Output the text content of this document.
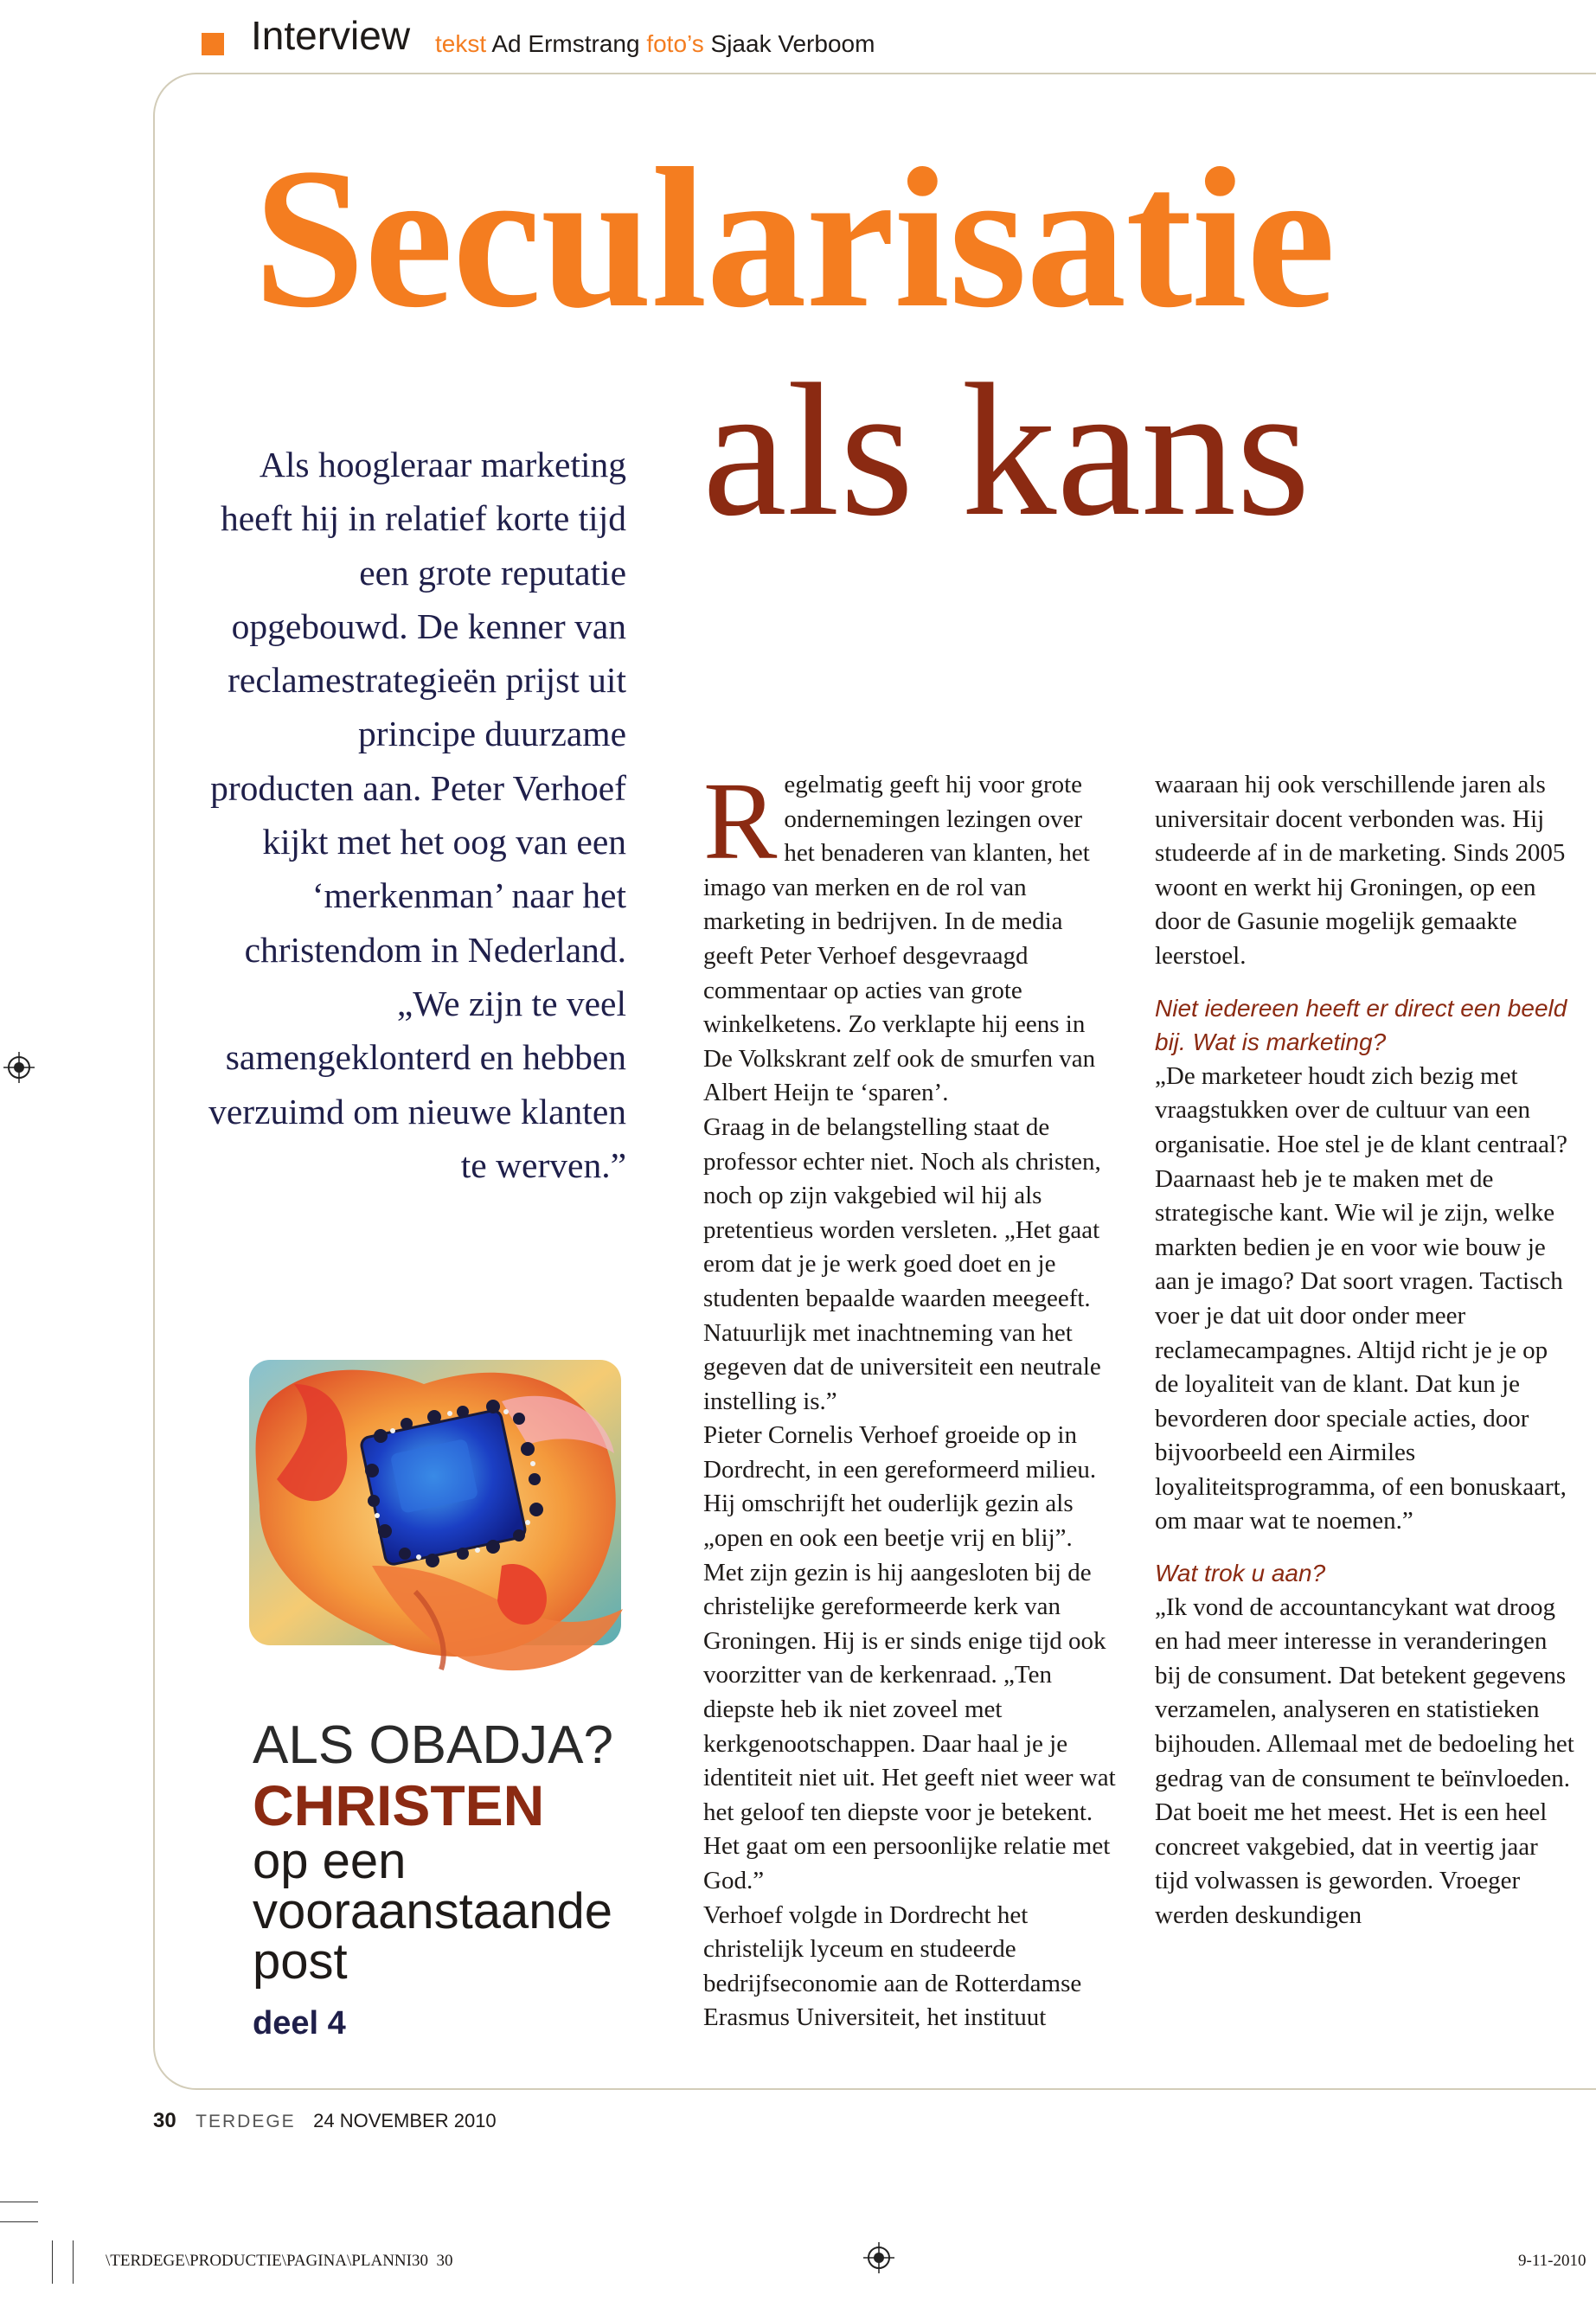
Interview tekst Ad Ermstrang foto’s Sjaak Verboom
Secularisatie
als kans
Als hoogleraar marketing heeft hij in relatief korte tijd een grote reputatie opgebouwd. De kenner van reclamestrategieën prijst uit principe duurzame producten aan. Peter Verhoef kijkt met het oog van een ‘merkenman’ naar het christendom in Nederland. „We zijn te veel samengeklonterd en hebben verzuimd om nieuwe klanten te werven.”
ALS OBADJA?
CHRISTEN
op een vooraanstaande post
deel 4
R egelmatig geeft hij voor grote ondernemingen lezingen over het benaderen van klanten, het imago van merken en de rol van marketing in bedrijven. In de media geeft Peter Verhoef desgevraagd commentaar op acties van grote winkelketens. Zo verklapte hij eens in De Volkskrant zelf ook de smurfen van Albert Heijn te ‘sparen’.

Graag in de belangstelling staat de professor echter niet. Noch als christen, noch op zijn vakgebied wil hij als pretentieus worden versleten. „Het gaat erom dat je je werk goed doet en je studenten bepaalde waarden meegeeft. Natuurlijk met inachtneming van het gegeven dat de universiteit een neutrale instelling is.”

Pieter Cornelis Verhoef groeide op in Dordrecht, in een gereformeerd milieu. Hij omschrijft het ouderlijk gezin als „open en ook een beetje vrij en blij”. Met zijn gezin is hij aangesloten bij de christelijke gereformeerde kerk van Groningen. Hij is er sinds enige tijd ook voorzitter van de kerkenraad. „Ten diepste heb ik niet zoveel met kerkgenootschappen. Daar haal je je identiteit niet uit. Het geeft niet weer wat het geloof ten diepste voor je betekent. Het gaat om een persoonlijke relatie met God.”

Verhoef volgde in Dordrecht het christelijk lyceum en studeerde bedrijfseconomie aan de Rotterdamse Erasmus Universiteit, het instituut

waaraan hij ook verschillende jaren als universitair docent verbonden was. Hij studeerde af in de marketing. Sinds 2005 woont en werkt hij Groningen, op een door de Gasunie mogelijk gemaakte leerstoel.

Niet iedereen heeft er direct een beeld bij. Wat is marketing?

„De marketeer houdt zich bezig met vraagstukken over de cultuur van een organisatie. Hoe stel je de klant centraal? Daarnaast heb je te maken met de strategische kant. Wie wil je zijn, welke markten bedien je en voor wie bouw je aan je imago? Dat soort vragen. Tactisch voer je dat uit door onder meer reclamecampagnes. Altijd richt je je op de loyaliteit van de klant. Dat kun je bevorderen door speciale acties, door bijvoorbeeld een Airmiles loyaliteitsprogramma, of een bonuskaart, om maar wat te noemen.”

Wat trok u aan?

„Ik vond de accountancykant wat droog en had meer interesse in veranderingen bij de consument. Dat betekent gegevens verzamelen, analyseren en statistieken bijhouden. Allemaal met de bedoeling het gedrag van de consument te beïnvloeden. Dat boeit me het meest. Het is een heel concreet vakgebied, dat in veertig jaar tijd volwassen is geworden. Vroeger werden deskundigen

30 TERDEGE 24 NOVEMBER 2010
\TERDEGE\PRODUCTIE\PAGINA\PLANNI30 30	9-11-2010
